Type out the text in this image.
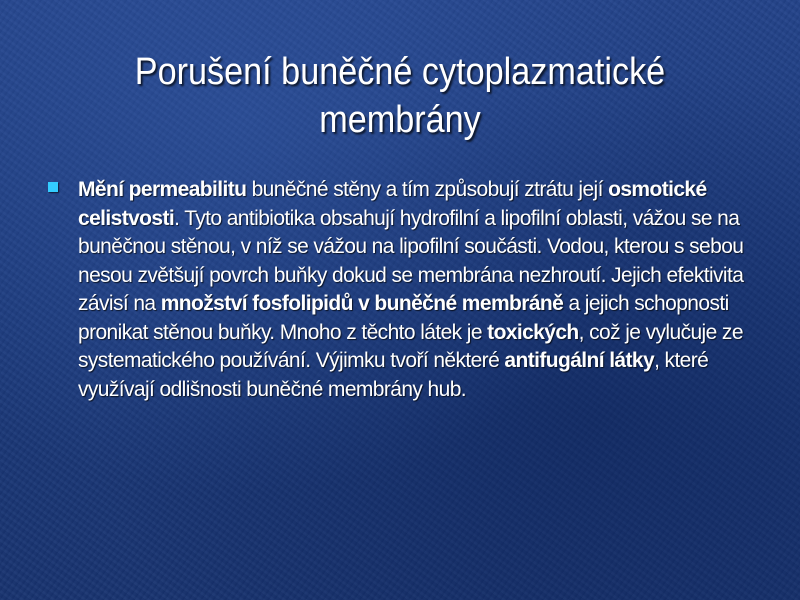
Porušení buněčné cytoplazmatické
membrány
Mění permeabilitu buněčné stěny a tím způsobují ztrátu její osmotické celistvosti. Tyto antibiotika obsahují hydrofilní a lipofilní oblasti, vážou se na buněčnou stěnou, v níž se vážou na lipofilní součásti. Vodou, kterou s sebou nesou zvětšují povrch buňky dokud se membrána nezhroutí. Jejich efektivita závisí na množství fosfolipidů v buněčné membráně a jejich schopnosti pronikat stěnou buňky. Mnoho z těchto látek je toxických, což je vylučuje ze systematického používání. Výjimku tvoří některé antifugální látky, které využívají odlišnosti buněčné membrány hub.
